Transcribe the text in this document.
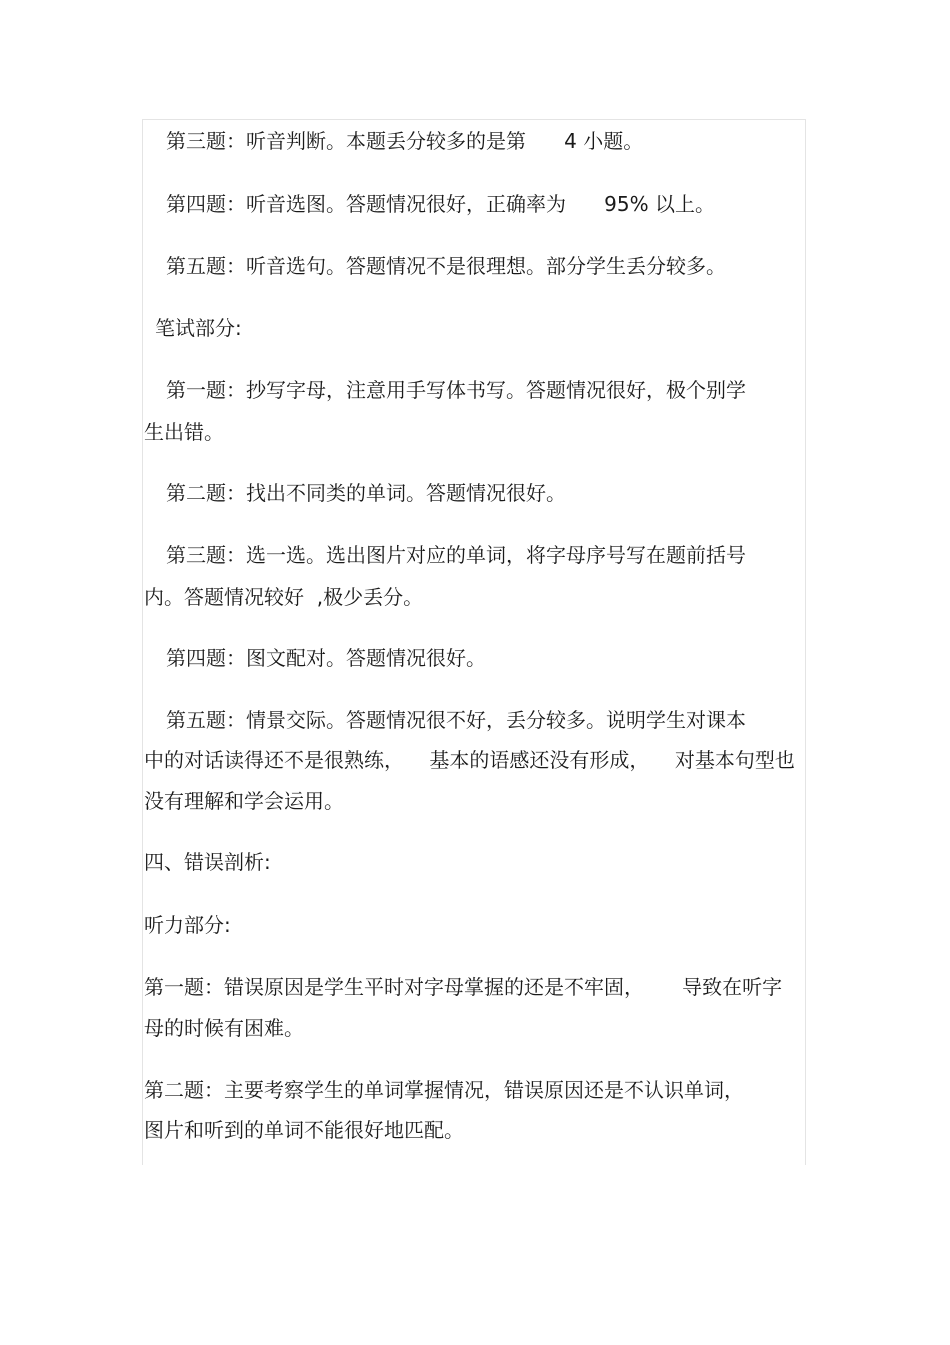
第三题：听音判断。本题丢分较多的是第      4 小题。

第四题：听音选图。答题情况很好，正确率为      95% 以上。

第五题：听音选句。答题情况不是很理想。部分学生丢分较多。

笔试部分:

第一题：抄写字母，注意用手写体书写。答题情况很好，极个别学

生出错。

第二题：找出不同类的单词。答题情况很好。

第三题：选一选。选出图片对应的单词，将字母序号写在题前括号

内。答题情况较好  ,极少丢分。

第四题：图文配对。答题情况很好。

第五题：情景交际。答题情况很不好，丢分较多。说明学生对课本

中的对话读得还不是很熟练，    基本的语感还没有形成，    对基本句型也

没有理解和学会运用。

四、错误剖析:

听力部分:

第一题：错误原因是学生平时对字母掌握的还是不牢固，      导致在听字

母的时候有困难。

第二题：主要考察学生的单词掌握情况，错误原因还是不认识单词，

图片和听到的单词不能很好地匹配。
